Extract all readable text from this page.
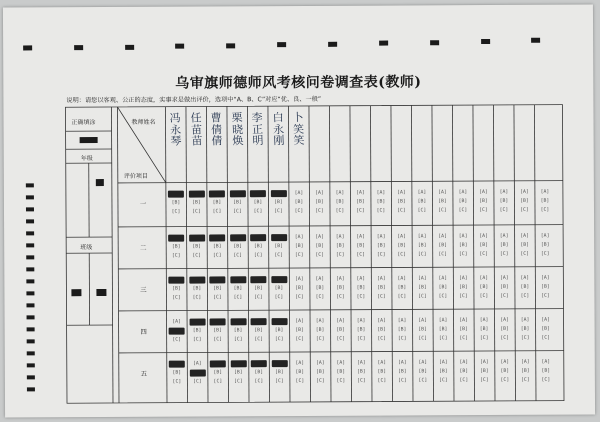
乌审旗师德师风考核问卷调查表(教师)
说明：请您以客观、公正的态度，实事求是做出评价，选项中“A、B、C”对应“优、良、一般”
正确填涂
年级
班级
教师姓名
评价项目
冯
永
琴
任
苗
苗
曹
倩
倩
栗
晓
焕
李
正
明
白
永
刚
卜
笑
笑
一
二
三
四
五
[B]
[C]
[B]
[C]
[B]
[C]
[B]
[C]
[B]
[C]
[B]
[C]
[A]
[B]
[C]
[A]
[B]
[C]
[A]
[B]
[C]
[A]
[B]
[C]
[A]
[B]
[C]
[A]
[B]
[C]
[A]
[B]
[C]
[A]
[B]
[C]
[A]
[B]
[C]
[A]
[B]
[C]
[A]
[B]
[C]
[A]
[B]
[C]
[A]
[B]
[C]
[B]
[C]
[B]
[C]
[B]
[C]
[B]
[C]
[B]
[C]
[B]
[C]
[A]
[B]
[C]
[A]
[B]
[C]
[A]
[B]
[C]
[A]
[B]
[C]
[A]
[B]
[C]
[A]
[B]
[C]
[A]
[B]
[C]
[A]
[B]
[C]
[A]
[B]
[C]
[A]
[B]
[C]
[A]
[B]
[C]
[A]
[B]
[C]
[A]
[B]
[C]
[B]
[C]
[B]
[C]
[B]
[C]
[B]
[C]
[B]
[C]
[B]
[C]
[A]
[B]
[C]
[A]
[B]
[C]
[A]
[B]
[C]
[A]
[B]
[C]
[A]
[B]
[C]
[A]
[B]
[C]
[A]
[B]
[C]
[A]
[B]
[C]
[A]
[B]
[C]
[A]
[B]
[C]
[A]
[B]
[C]
[A]
[B]
[C]
[A]
[B]
[C]
[A]
[C]
[B]
[C]
[B]
[C]
[B]
[C]
[B]
[C]
[B]
[C]
[A]
[B]
[C]
[A]
[B]
[C]
[A]
[B]
[C]
[A]
[B]
[C]
[A]
[B]
[C]
[A]
[B]
[C]
[A]
[B]
[C]
[A]
[B]
[C]
[A]
[B]
[C]
[A]
[B]
[C]
[A]
[B]
[C]
[A]
[B]
[C]
[A]
[B]
[C]
[B]
[C]
[A]
[C]
[B]
[C]
[B]
[C]
[B]
[C]
[B]
[C]
[A]
[B]
[C]
[A]
[B]
[C]
[A]
[B]
[C]
[A]
[B]
[C]
[A]
[B]
[C]
[A]
[B]
[C]
[A]
[B]
[C]
[A]
[B]
[C]
[A]
[B]
[C]
[A]
[B]
[C]
[A]
[B]
[C]
[A]
[B]
[C]
[A]
[B]
[C]
